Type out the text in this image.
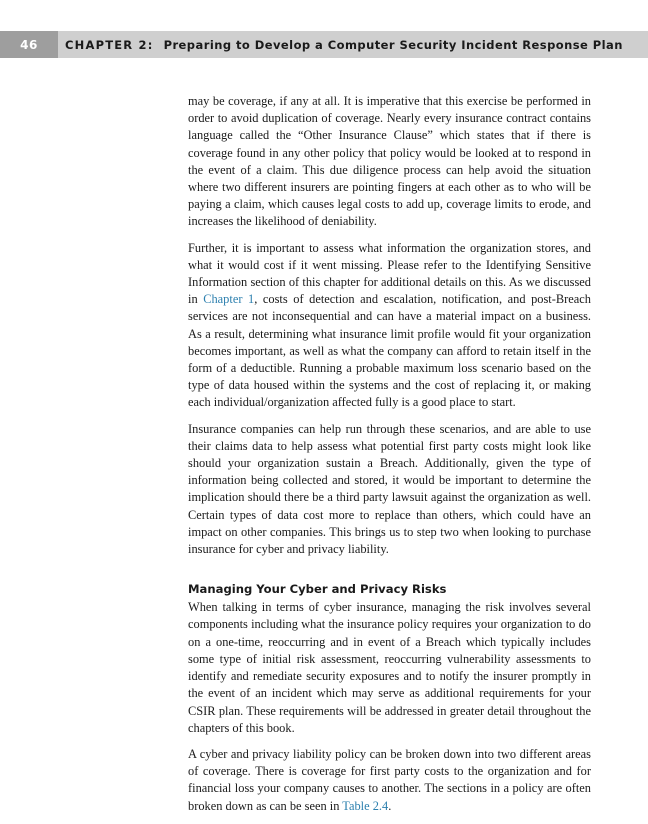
46	CHAPTER 2: Preparing to Develop a Computer Security Incident Response Plan

may be coverage, if any at all. It is imperative that this exercise be performed in order to avoid duplication of coverage. Nearly every insurance contract contains language called the “Other Insurance Clause” which states that if there is coverage found in any other policy that policy would be looked at to respond in the event of a claim. This due diligence process can help avoid the situation where two different insurers are pointing fingers at each other as to who will be paying a claim, which causes legal costs to add up, coverage limits to erode, and increases the likelihood of deniability.

Further, it is important to assess what information the organization stores, and what it would cost if it went missing. Please refer to the Identifying Sensitive Information section of this chapter for additional details on this. As we discussed in Chapter 1, costs of detection and escalation, notification, and post-Breach services are not inconsequential and can have a material impact on a business. As a result, determining what insurance limit profile would fit your organization becomes important, as well as what the company can afford to retain itself in the form of a deductible. Running a probable maximum loss scenario based on the type of data housed within the systems and the cost of replacing it, or making each individual/organization affected fully is a good place to start.

Insurance companies can help run through these scenarios, and are able to use their claims data to help assess what potential first party costs might look like should your organization sustain a Breach. Additionally, given the type of information being collected and stored, it would be important to determine the implication should there be a third party lawsuit against the organization as well. Certain types of data cost more to replace than others, which could have an impact on other companies. This brings us to step two when looking to purchase insurance for cyber and privacy liability.

Managing Your Cyber and Privacy Risks

When talking in terms of cyber insurance, managing the risk involves several components including what the insurance policy requires your organization to do on a one-time, reoccurring and in event of a Breach which typically includes some type of initial risk assessment, reoccurring vulnerability assessments to identify and remediate security exposures and to notify the insurer promptly in the event of an incident which may serve as additional requirements for your CSIR plan. These requirements will be addressed in greater detail throughout the chapters of this book.

A cyber and privacy liability policy can be broken down into two different areas of coverage. There is coverage for first party costs to the organization and for financial loss your company causes to another. The sections in a policy are often broken down as can be seen in Table 2.4.
